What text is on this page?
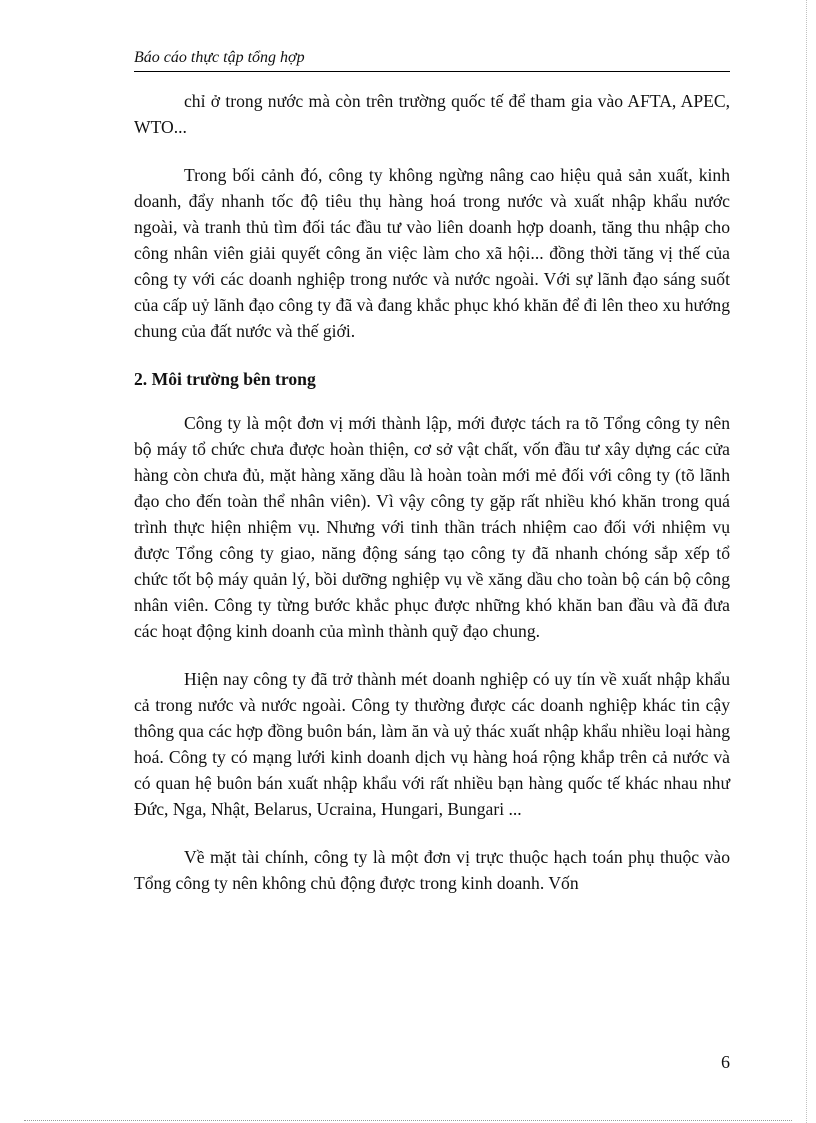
Báo cáo thực tập tổng hợp

chỉ ở trong nước mà còn trên trường quốc tế để tham gia vào AFTA, APEC, WTO...

Trong bối cảnh đó, công ty không ngừng nâng cao hiệu quả sản xuất, kinh doanh, đẩy nhanh tốc độ tiêu thụ hàng hoá trong nước và xuất nhập khẩu nước ngoài, và tranh thủ tìm đối tác đầu tư vào liên doanh hợp doanh, tăng thu nhập cho công nhân viên giải quyết công ăn việc làm cho xã hội... đồng thời tăng vị thế của công ty với các doanh nghiệp trong nước và nước ngoài. Với sự lãnh đạo sáng suốt của cấp uỷ lãnh đạo công ty đã và đang khắc phục khó khăn để đi lên theo xu hướng chung của đất nước và thế giới.

2. Môi trường bên trong

Công ty là một đơn vị mới thành lập, mới được tách ra tõ Tổng công ty nên bộ máy tổ chức chưa được hoàn thiện, cơ sở vật chất, vốn đầu tư xây dựng các cửa hàng còn chưa đủ, mặt hàng xăng dầu là hoàn toàn mới mẻ đối với công ty (tõ lãnh đạo cho đến toàn thể nhân viên). Vì vậy công ty gặp rất nhiều khó khăn trong quá trình thực hiện nhiệm vụ. Nhưng với tinh thần trách nhiệm cao đối với nhiệm vụ được Tổng công ty giao, năng động sáng tạo công ty đã nhanh chóng sắp xếp tổ chức tốt bộ máy quản lý, bồi dưỡng nghiệp vụ về xăng dầu cho toàn bộ cán bộ công nhân viên. Công ty từng bước khắc phục được những khó khăn ban đầu và đã đưa các hoạt động kinh doanh của mình thành quỹ đạo chung.

Hiện nay công ty đã trở thành mét doanh nghiệp có uy tín về xuất nhập khẩu cả trong nước và nước ngoài. Công ty thường được các doanh nghiệp khác tin cậy thông qua các hợp đồng buôn bán, làm ăn và uỷ thác xuất nhập khẩu nhiều loại hàng hoá. Công ty có mạng lưới kinh doanh dịch vụ hàng hoá rộng khắp trên cả nước và có quan hệ buôn bán xuất nhập khẩu với rất nhiều bạn hàng quốc tế khác nhau như Đức, Nga, Nhật, Belarus, Ucraina, Hungari, Bungari ...

Về mặt tài chính, công ty là một đơn vị trực thuộc hạch toán phụ thuộc vào Tổng công ty nên không chủ động được trong kinh doanh. Vốn

6
